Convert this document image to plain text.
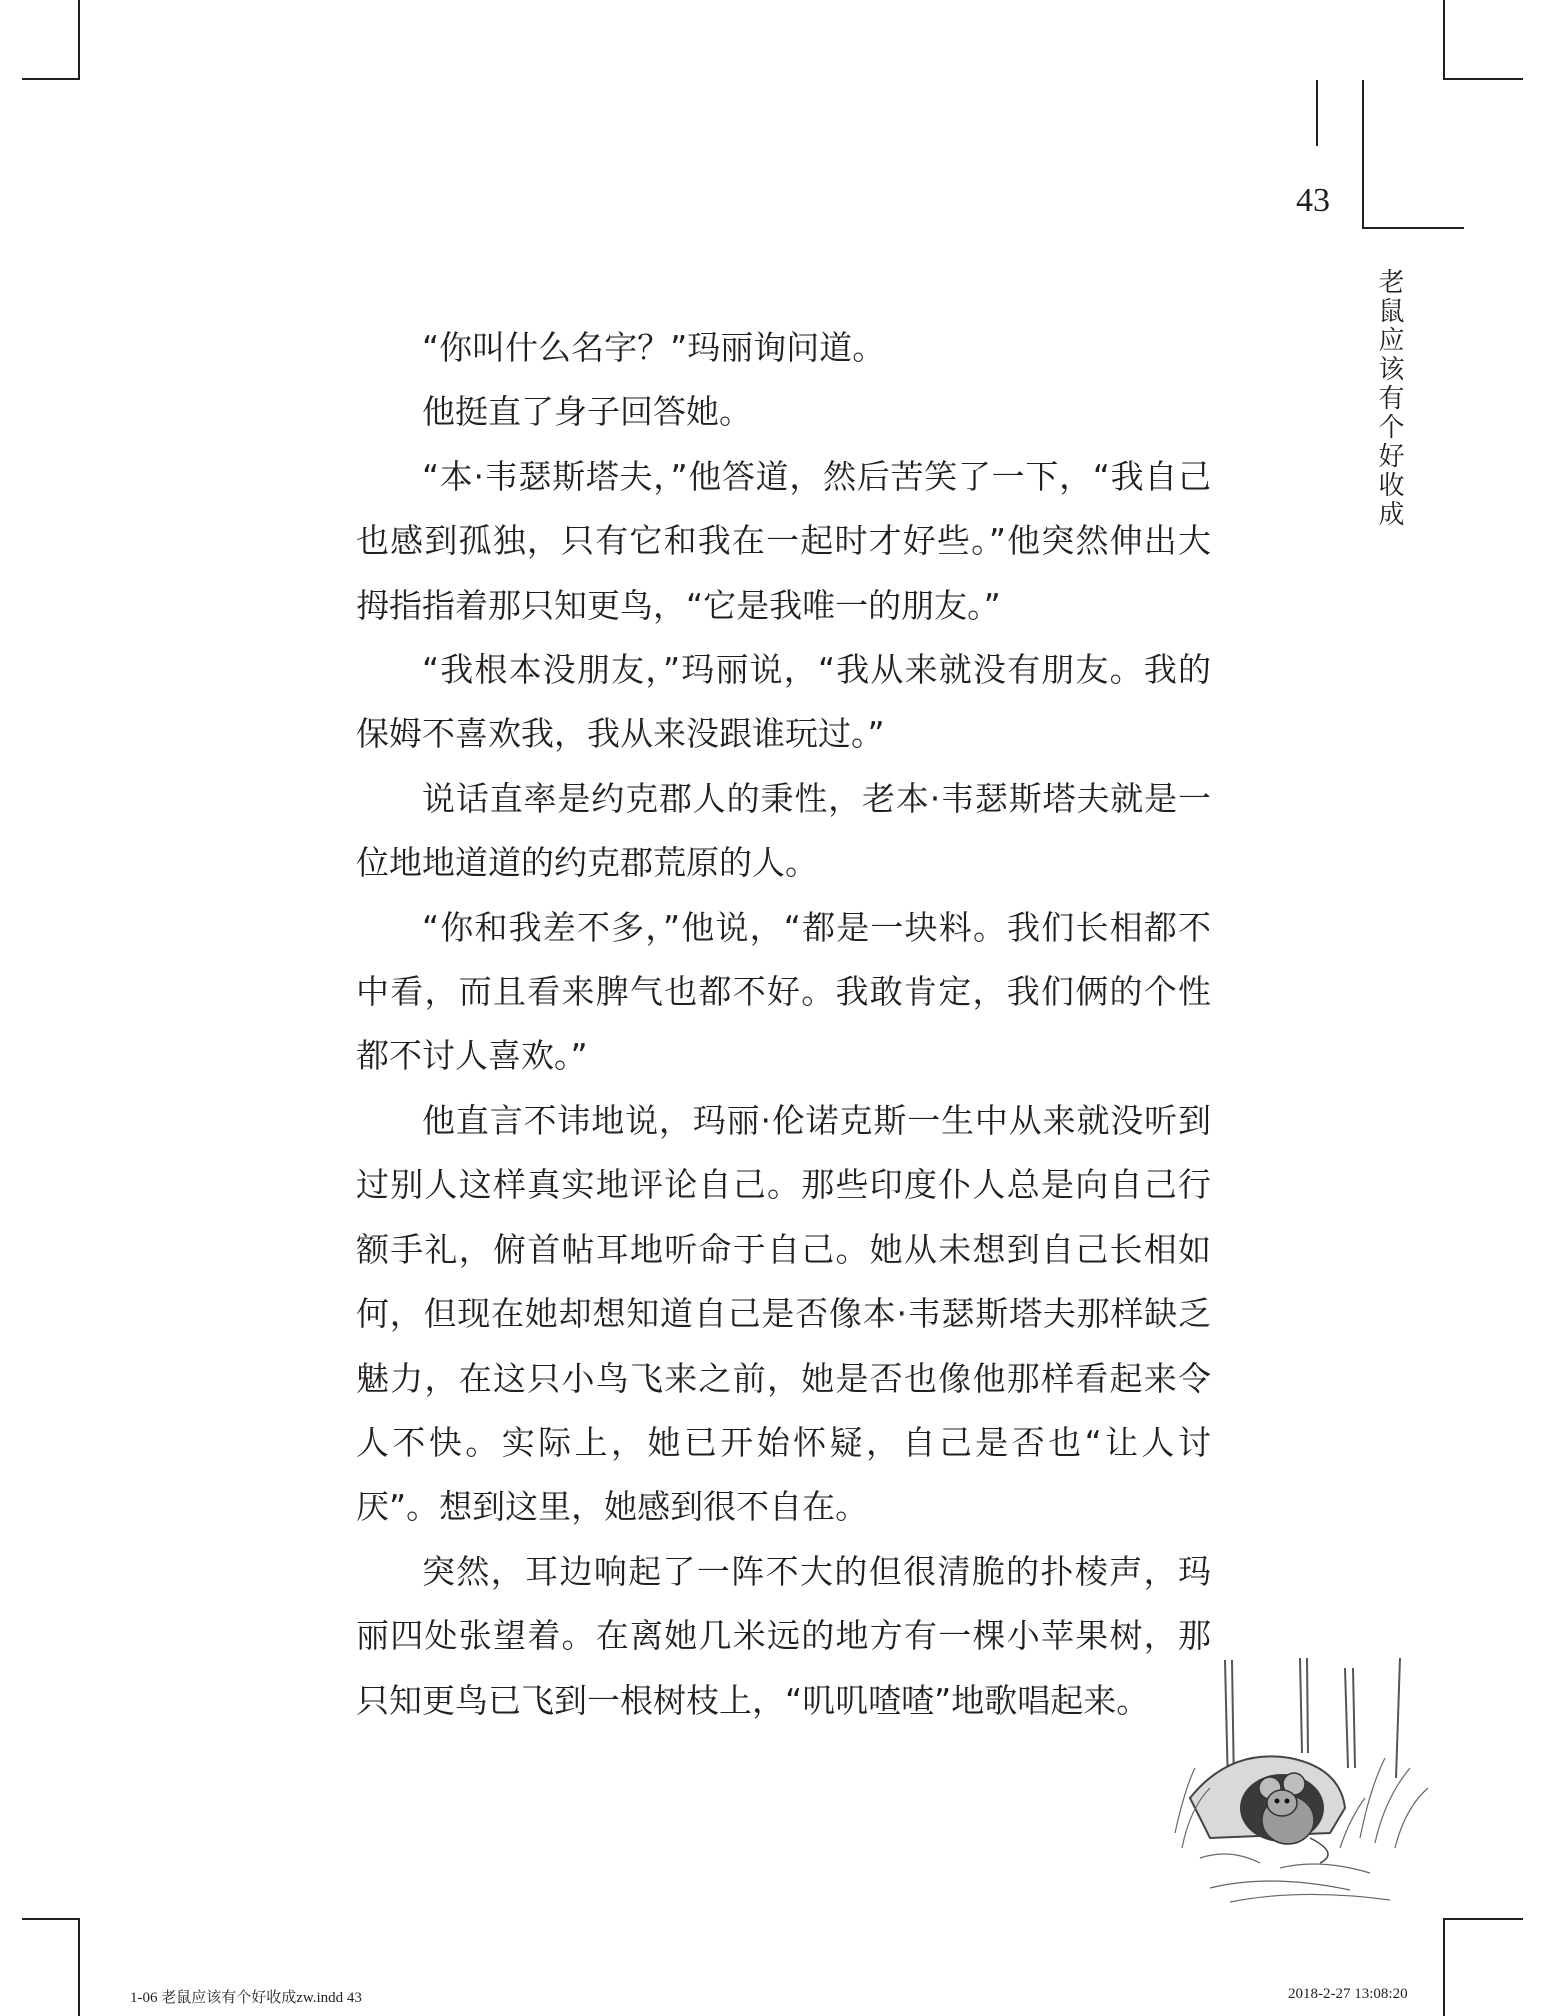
43
老鼠应该有个好收成

“你叫什么名字？”玛丽询问道。

他挺直了身子回答她。

“本·韦瑟斯塔夫，”他答道，然后苦笑了一下，“我自己也感到孤独，只有它和我在一起时才好些。”他突然伸出大拇指指着那只知更鸟，“它是我唯一的朋友。”

“我根本没朋友，”玛丽说，“我从来就没有朋友。我的保姆不喜欢我，我从来没跟谁玩过。”

说话直率是约克郡人的秉性，老本·韦瑟斯塔夫就是一位地地道道的约克郡荒原的人。

“你和我差不多，”他说，“都是一块料。我们长相都不中看，而且看来脾气也都不好。我敢肯定，我们俩的个性都不讨人喜欢。”

他直言不讳地说，玛丽·伦诺克斯一生中从来就没听到过别人这样真实地评论自己。那些印度仆人总是向自己行额手礼，俯首帖耳地听命于自己。她从未想到自己长相如何，但现在她却想知道自己是否像本·韦瑟斯塔夫那样缺乏魅力，在这只小鸟飞来之前，她是否也像他那样看起来令人不快。实际上，她已开始怀疑，自己是否也“让人讨厌”。想到这里，她感到很不自在。

突然，耳边响起了一阵不大的但很清脆的扑棱声，玛丽四处张望着。在离她几米远的地方有一棵小苹果树，那只知更鸟已飞到一根树枝上，“叽叽喳喳”地歌唱起来。

1-06 老鼠应该有个好收成zw.indd 43	2018-2-27 13:08:20
